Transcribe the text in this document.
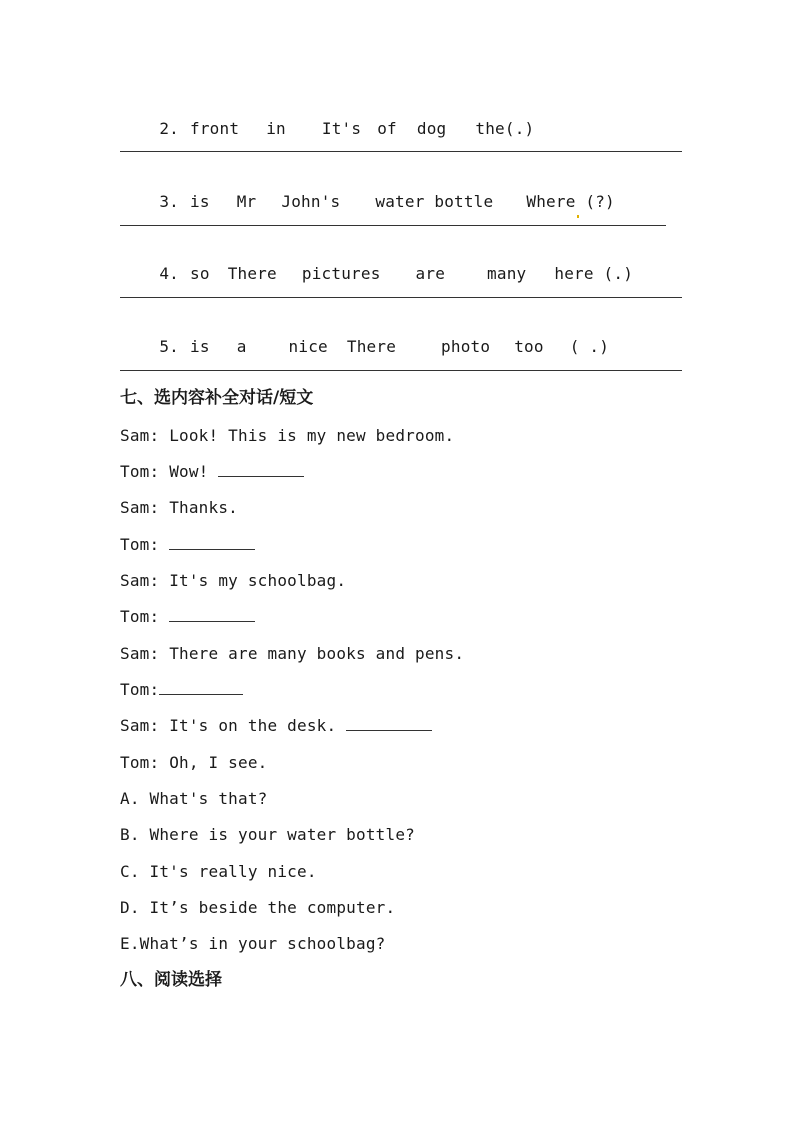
2. front in It's of dog the(.)

3. is Mr John's water bottle Where (?)

4. so There pictures are	many here (.)

5. is a	nice There	photo too ( .)

七、选内容补全对话/短文
Sam: Look! This is my new bedroom.
Tom: Wow!
Sam: Thanks.
Tom:
Sam: It's my schoolbag.
Tom:
Sam: There are many books and pens.
Tom:
Sam: It's on the desk.
Tom: Oh, I see.
A. What's that?
B. Where is your water bottle?
C. It's really nice.
D. It’s beside the computer.
E.What’s in your schoolbag?
八、阅读选择
